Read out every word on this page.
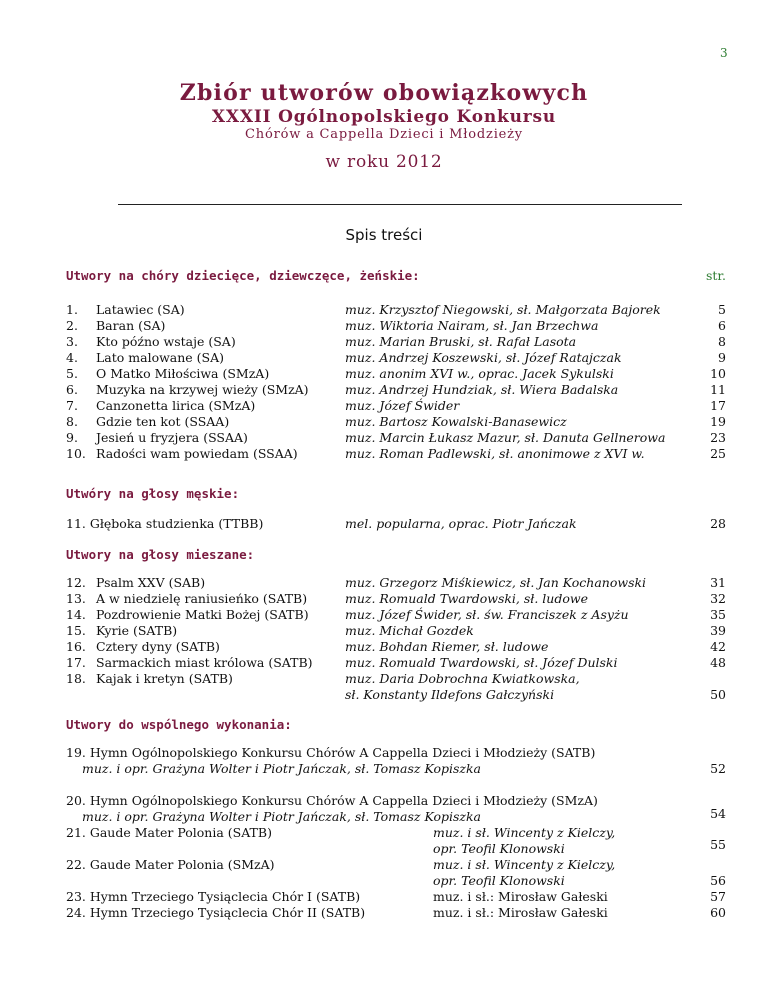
3
Zbiór utworów obowiązkowych
XXXII Ogólnopolskiego Konkursu
Chórów a Cappella Dzieci i Młodzieży
w roku 2012
Spis treści
Utwory na chóry dziecięce, dziewczęce, żeńskie:	str.
1. Latawiec (SA)	muz. Krzysztof Niegowski, sł. Małgorzata Bajorek	5
2. Baran (SA)	muz. Wiktoria Nairam, sł. Jan Brzechwa	6
3. Kto późno wstaje (SA)	muz. Marian Bruski, sł. Rafał Lasota	8
4. Lato malowane (SA)	muz. Andrzej Koszewski, sł. Józef Ratajczak	9
5. O Matko Miłościwa (SMzA)	muz. anonim XVI w., oprac. Jacek Sykulski	10
6. Muzyka na krzywej wieży (SMzA)	muz. Andrzej Hundziak, sł. Wiera Badalska	11
7. Canzonetta lirica (SMzA)	muz. Józef Świder	17
8. Gdzie ten kot (SSAA)	muz. Bartosz Kowalski-Banasewicz	19
9. Jesień u fryzjera (SSAA)	muz. Marcin Łukasz Mazur, sł. Danuta Gellnerowa	23
10. Radości wam powiedam (SSAA)	muz. Roman Padlewski, sł. anonimowe z XVI w.	25
Utwóry na głosy męskie:
11. Głęboka studzienka (TTBB)	mel. popularna, oprac. Piotr Jańczak	28
Utwory na głosy mieszane:
12. Psalm XXV (SAB)	muz. Grzegorz Miśkiewicz, sł. Jan Kochanowski	31
13. A w niedzielę raniusieńko (SATB)	muz. Romuald Twardowski, sł. ludowe	32
14. Pozdrowienie Matki Bożej (SATB)	muz. Józef Świder, sł. św. Franciszek z Asyżu	35
15. Kyrie (SATB)	muz. Michał Gozdek	39
16. Cztery dyny (SATB)	muz. Bohdan Riemer, sł. ludowe	42
17. Sarmackich miast królowa (SATB)	muz. Romuald Twardowski, sł. Józef Dulski	48
18. Kajak i kretyn (SATB)	muz. Daria Dobrochna Kwiatkowska,
sł. Konstanty Ildefons Gałczyński	50
Utwory do wspólnego wykonania:
19. Hymn Ogólnopolskiego Konkursu Chórów A Cappella Dzieci i Młodzieży (SATB)
muz. i opr. Grażyna Wolter i Piotr Jańczak, sł. Tomasz Kopiszka	52
20. Hymn Ogólnopolskiego Konkursu Chórów A Cappella Dzieci i Młodzieży (SMzA)
muz. i opr. Grażyna Wolter i Piotr Jańczak, sł. Tomasz Kopiszka	54
21. Gaude Mater Polonia (SATB)	muz. i sł. Wincenty z Kielczy,
opr. Teofil Klonowski	55
22. Gaude Mater Polonia (SMzA)	muz. i sł. Wincenty z Kielczy,
opr. Teofil Klonowski	56
23. Hymn Trzeciego Tysiąclecia Chór I (SATB)	muz. i sł.: Mirosław Gałeski	57
24. Hymn Trzeciego Tysiąclecia Chór II (SATB)	muz. i sł.: Mirosław Gałeski	60
